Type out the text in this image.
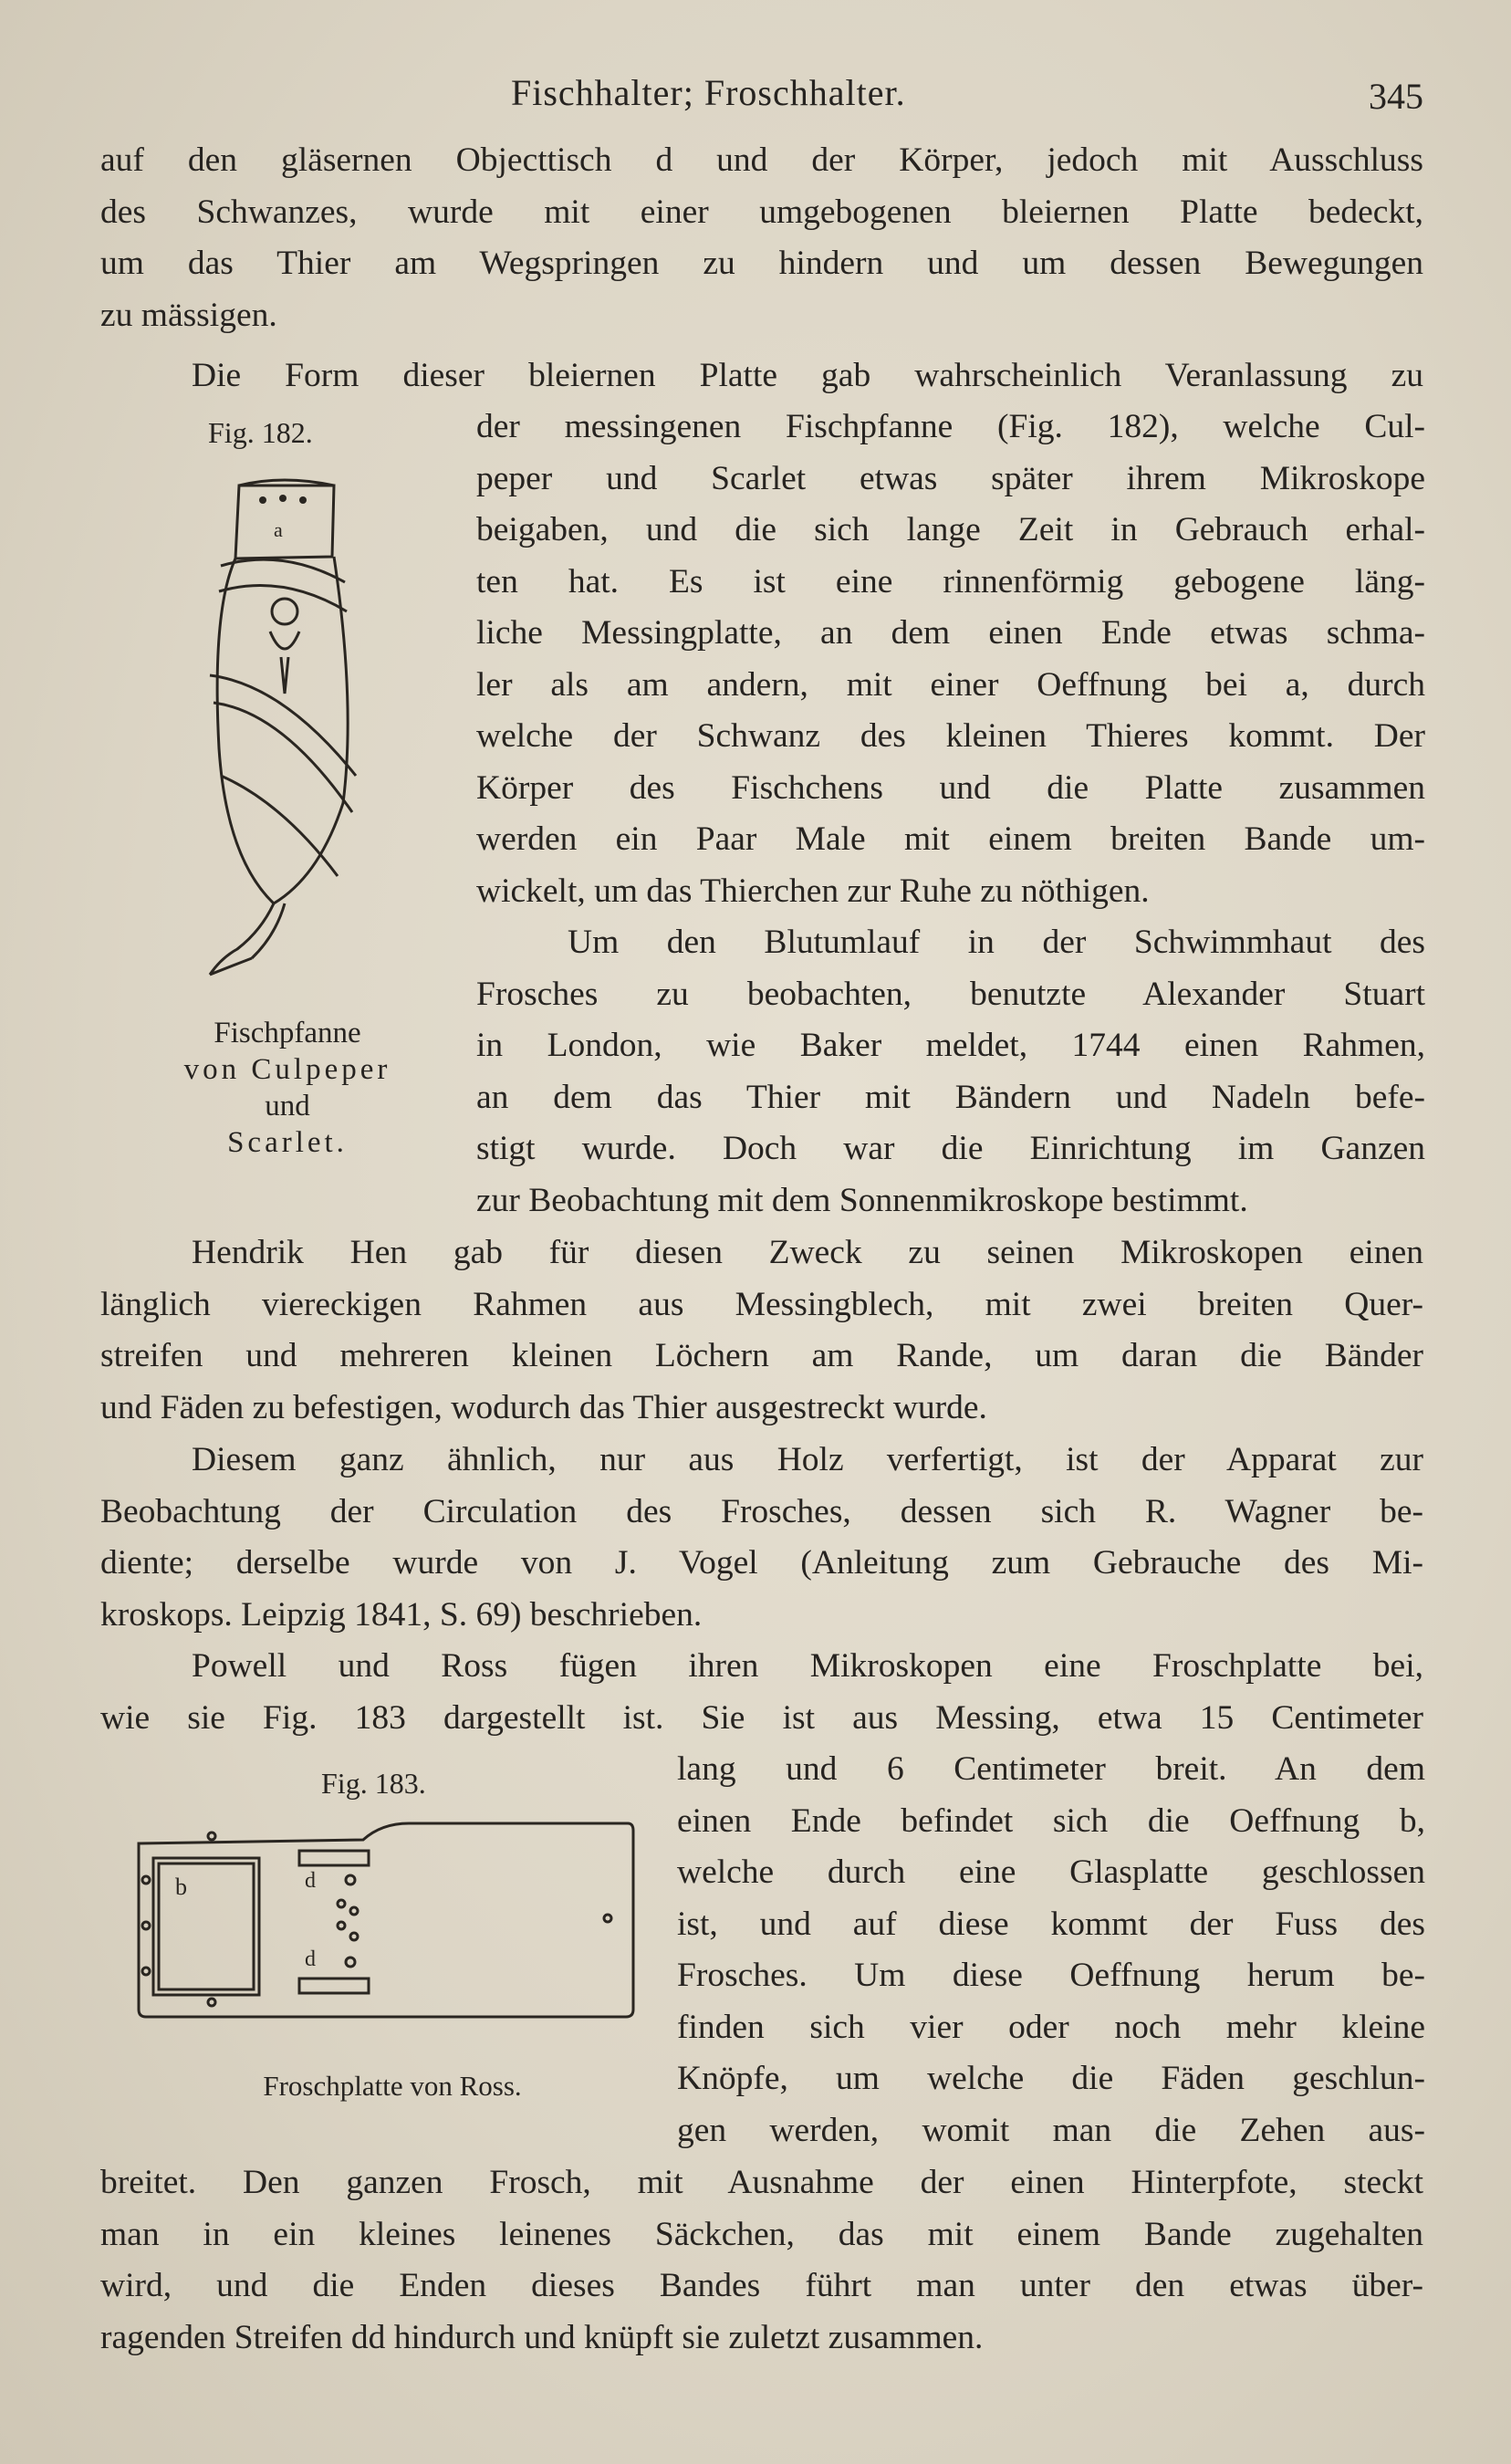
Fischhalter; Froschhalter.	345
auf den gläsernen Objecttisch d und der Körper, jedoch mit Ausschluss
des Schwanzes, wurde mit einer umgebogenen bleiernen Platte bedeckt,
um das Thier am Wegspringen zu hindern und um dessen Bewegungen
zu mässigen.
Die Form dieser bleiernen Platte gab wahrscheinlich Veranlassung zu
Fig. 182.
a
Fischpfanne
von Culpeper
und
Scarlet.
der messingenen Fischpfanne (Fig. 182), welche Cul-
peper und Scarlet etwas später ihrem Mikroskope
beigaben, und die sich lange Zeit in Gebrauch erhal-
ten hat. Es ist eine rinnenförmig gebogene läng-
liche Messingplatte, an dem einen Ende etwas schma-
ler als am andern, mit einer Oeffnung bei a, durch
welche der Schwanz des kleinen Thieres kommt. Der
Körper des Fischchens und die Platte zusammen
werden ein Paar Male mit einem breiten Bande um-
wickelt, um das Thierchen zur Ruhe zu nöthigen.
Um den Blutumlauf in der Schwimmhaut des
Frosches zu beobachten, benutzte Alexander Stuart
in London, wie Baker meldet, 1744 einen Rahmen,
an dem das Thier mit Bändern und Nadeln befe-
stigt wurde. Doch war die Einrichtung im Ganzen
zur Beobachtung mit dem Sonnenmikroskope bestimmt.
Hendrik Hen gab für diesen Zweck zu seinen Mikroskopen einen
länglich viereckigen Rahmen aus Messingblech, mit zwei breiten Quer-
streifen und mehreren kleinen Löchern am Rande, um daran die Bänder
und Fäden zu befestigen, wodurch das Thier ausgestreckt wurde.
Diesem ganz ähnlich, nur aus Holz verfertigt, ist der Apparat zur
Beobachtung der Circulation des Frosches, dessen sich R. Wagner be-
diente; derselbe wurde von J. Vogel (Anleitung zum Gebrauche des Mi-
kroskops. Leipzig 1841, S. 69) beschrieben.
Powell und Ross fügen ihren Mikroskopen eine Froschplatte bei,
wie sie Fig. 183 dargestellt ist. Sie ist aus Messing, etwa 15 Centimeter
Fig. 183.
b	d
d
Froschplatte von Ross.
lang und 6 Centimeter breit. An dem
einen Ende befindet sich die Oeffnung b,
welche durch eine Glasplatte geschlossen
ist, und auf diese kommt der Fuss des
Frosches. Um diese Oeffnung herum be-
finden sich vier oder noch mehr kleine
Knöpfe, um welche die Fäden geschlun-
gen werden, womit man die Zehen aus-
breitet. Den ganzen Frosch, mit Ausnahme der einen Hinterpfote, steckt
man in ein kleines leinenes Säckchen, das mit einem Bande zugehalten
wird, und die Enden dieses Bandes führt man unter den etwas über-
ragenden Streifen dd hindurch und knüpft sie zuletzt zusammen.
